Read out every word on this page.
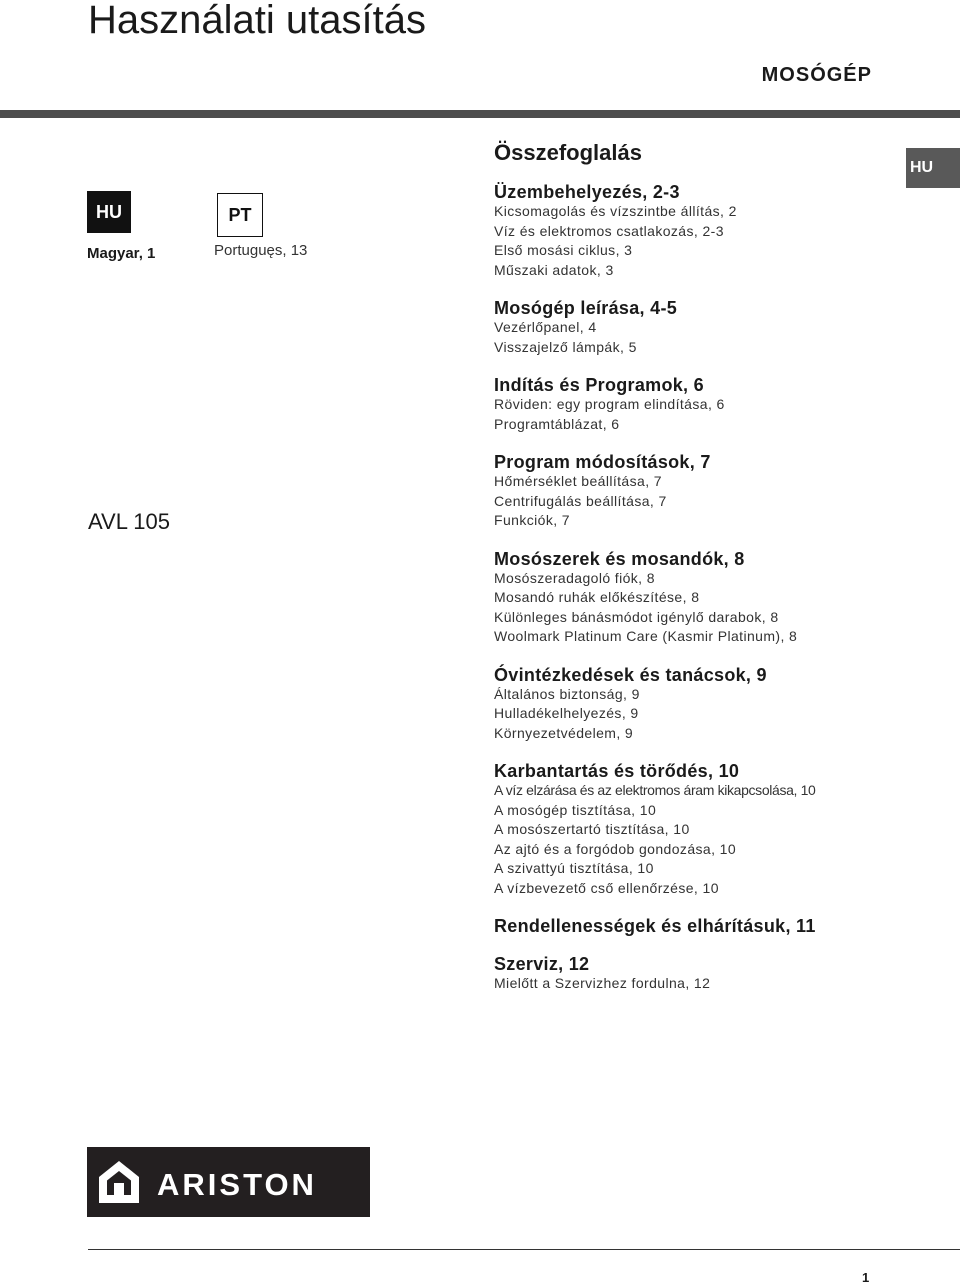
Használati utasítás
MOSÓGÉP
HU
HU	PT
Magyar, 1	Portuguęs, 13
AVL 105
Összefoglalás
Üzembehelyezés, 2-3
Kicsomagolás és vízszintbe állítás, 2
Víz és elektromos csatlakozás, 2-3
Első mosási ciklus, 3
Műszaki adatok, 3
Mosógép leírása, 4-5
Vezérlőpanel, 4
Visszajelző lámpák, 5
Indítás és Programok, 6
Röviden: egy program elindítása, 6
Programtáblázat, 6
Program módosítások, 7
Hőmérséklet beállítása, 7
Centrifugálás beállítása, 7
Funkciók, 7
Mosószerek és mosandók, 8
Mosószeradagoló fiók, 8
Mosandó ruhák előkészítése, 8
Különleges bánásmódot igénylő darabok, 8
Woolmark Platinum Care (Kasmir Platinum), 8
Óvintézkedések és tanácsok, 9
Általános biztonság, 9
Hulladékelhelyezés, 9
Környezetvédelem, 9
Karbantartás és törődés, 10
A víz elzárása és az elektromos áram kikapcsolása, 10
A mosógép tisztítása, 10
A mosószertartó tisztítása, 10
Az ajtó és a forgódob gondozása, 10
A szivattyú tisztítása, 10
A vízbevezető cső ellenőrzése, 10
Rendellenességek és elhárításuk, 11
Szerviz, 12
Mielőtt a Szervizhez fordulna, 12
ARISTON
1
